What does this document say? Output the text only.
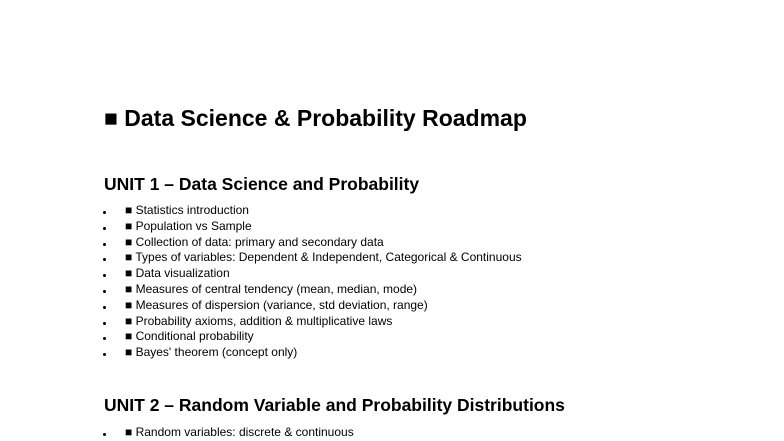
■ Data Science & Probability Roadmap
UNIT 1 – Data Science and Probability
■ Statistics introduction
■ Population vs Sample
■ Collection of data: primary and secondary data
■ Types of variables: Dependent & Independent, Categorical & Continuous
■ Data visualization
■ Measures of central tendency (mean, median, mode)
■ Measures of dispersion (variance, std deviation, range)
■ Probability axioms, addition & multiplicative laws
■ Conditional probability
■ Bayes' theorem (concept only)
UNIT 2 – Random Variable and Probability Distributions
■ Random variables: discrete & continuous
